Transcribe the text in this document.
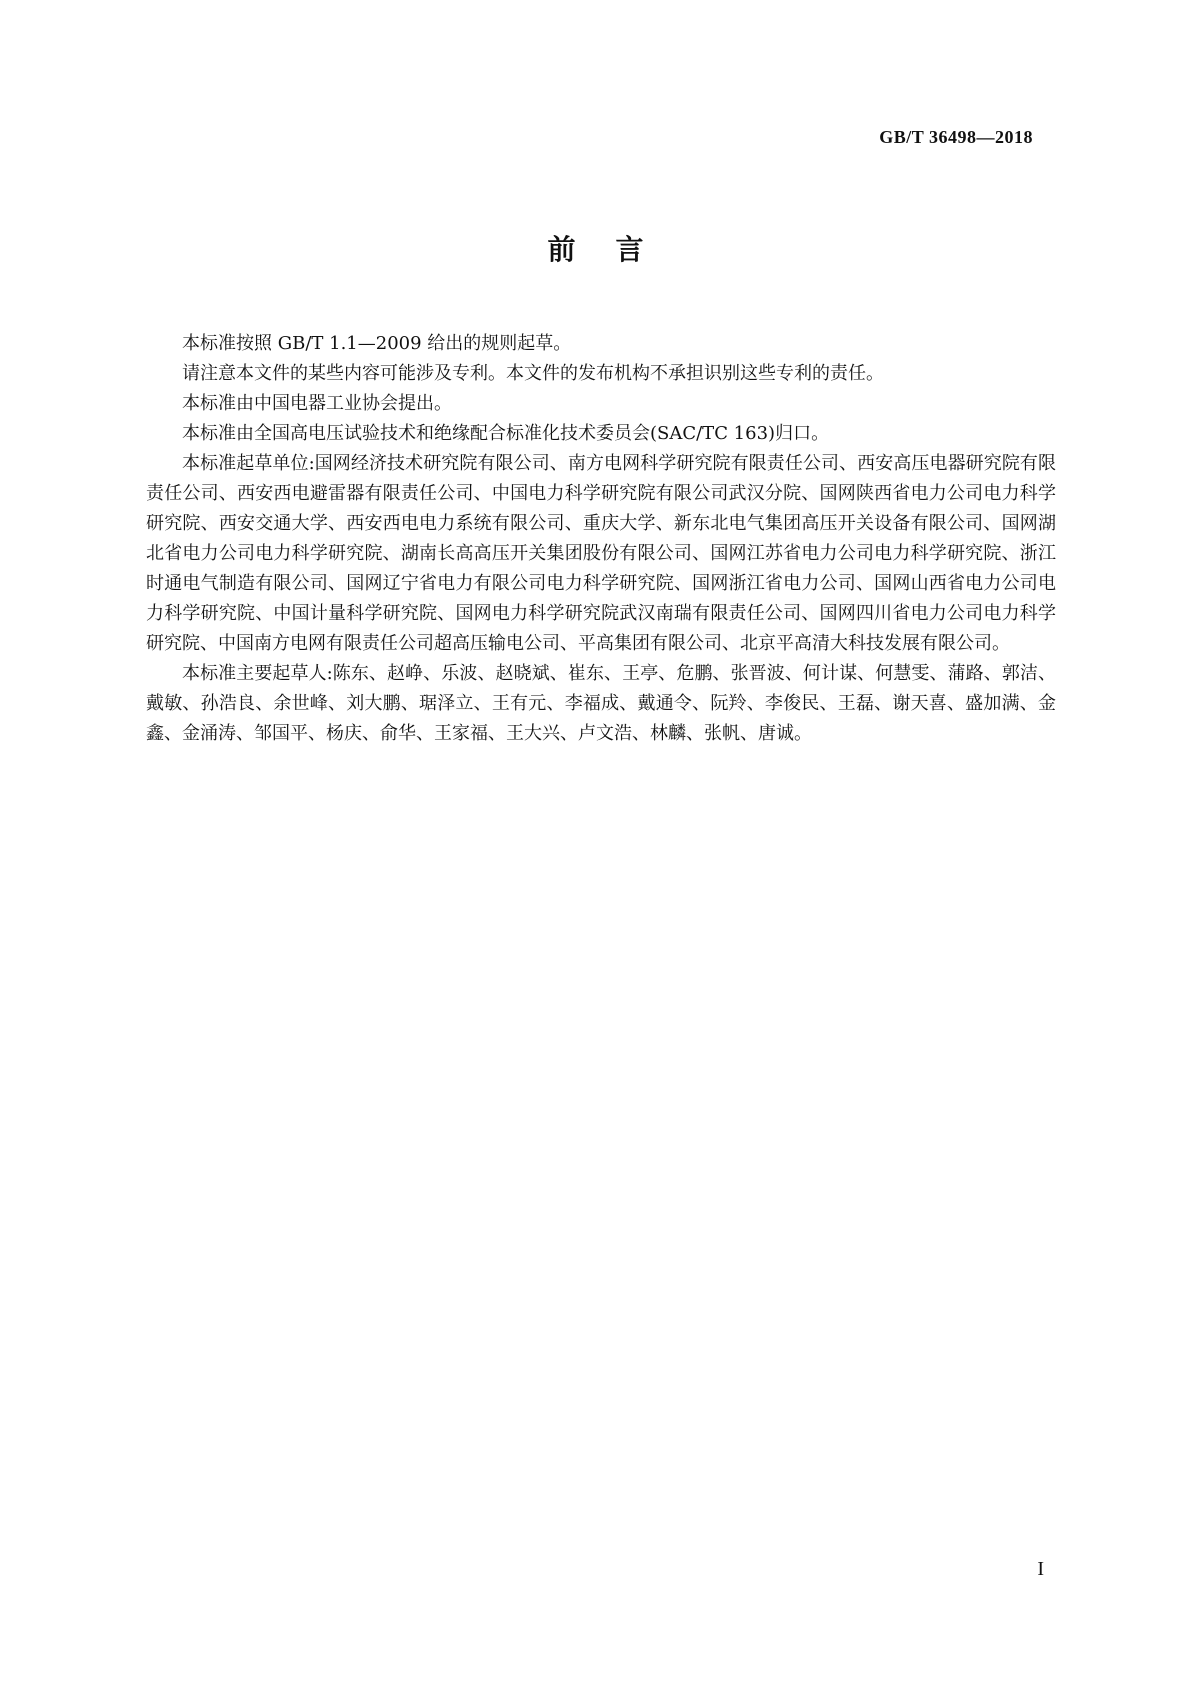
GB/T 36498—2018
前言

本标准按照 GB/T 1.1—2009 给出的规则起草。

请注意本文件的某些内容可能涉及专利。本文件的发布机构不承担识别这些专利的责任。

本标准由中国电器工业协会提出。

本标准由全国高电压试验技术和绝缘配合标准化技术委员会(SAC/TC 163)归口。

本标准起草单位:国网经济技术研究院有限公司、南方电网科学研究院有限责任公司、西安高压电器研究院有限责任公司、西安西电避雷器有限责任公司、中国电力科学研究院有限公司武汉分院、国网陕西省电力公司电力科学研究院、西安交通大学、西安西电电力系统有限公司、重庆大学、新东北电气集团高压开关设备有限公司、国网湖北省电力公司电力科学研究院、湖南长高高压开关集团股份有限公司、国网江苏省电力公司电力科学研究院、浙江时通电气制造有限公司、国网辽宁省电力有限公司电力科学研究院、国网浙江省电力公司、国网山西省电力公司电力科学研究院、中国计量科学研究院、国网电力科学研究院武汉南瑞有限责任公司、国网四川省电力公司电力科学研究院、中国南方电网有限责任公司超高压输电公司、平高集团有限公司、北京平高清大科技发展有限公司。

本标准主要起草人:陈东、赵峥、乐波、赵晓斌、崔东、王亭、危鹏、张晋波、何计谋、何慧雯、蒲路、郭洁、戴敏、孙浩良、余世峰、刘大鹏、琚泽立、王有元、李福成、戴通令、阮羚、李俊民、王磊、谢天喜、盛加满、金鑫、金涌涛、邹国平、杨庆、俞华、王家福、王大兴、卢文浩、林麟、张帆、唐诚。

I
